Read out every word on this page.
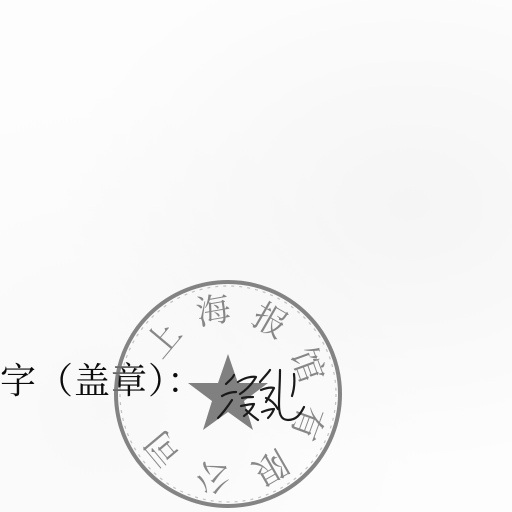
字（盖章）：
上
海 报
馆
有
限
公
司
